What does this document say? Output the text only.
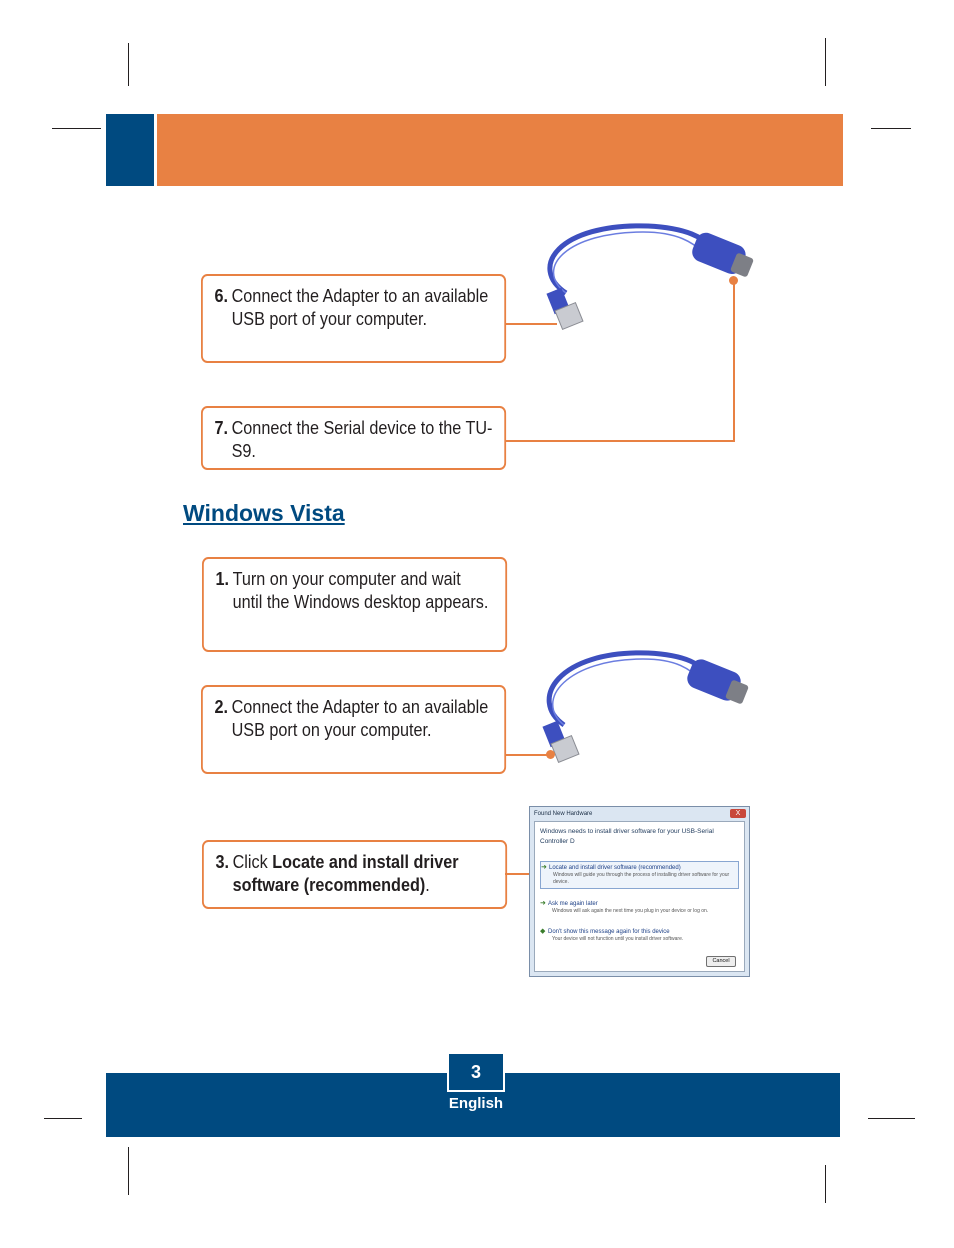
6. Connect the Adapter to an available USB port of your computer.
7. Connect the Serial device to the TU-S9.
Windows Vista
1. Turn on your computer and wait until the Windows desktop appears.
2. Connect the Adapter to an available USB port on your computer.
3. Click Locate and install driver software (recommended).
Found New Hardware	X
Windows needs to install driver software for your USB-Serial Controller D
➜ Locate and install driver software (recommended)
Windows will guide you through the process of installing driver software for your device.
➜ Ask me again later
Windows will ask again the next time you plug in your device or log on.
◆ Don't show this message again for this device
Your device will not function until you install driver software.
Cancel
3
English
